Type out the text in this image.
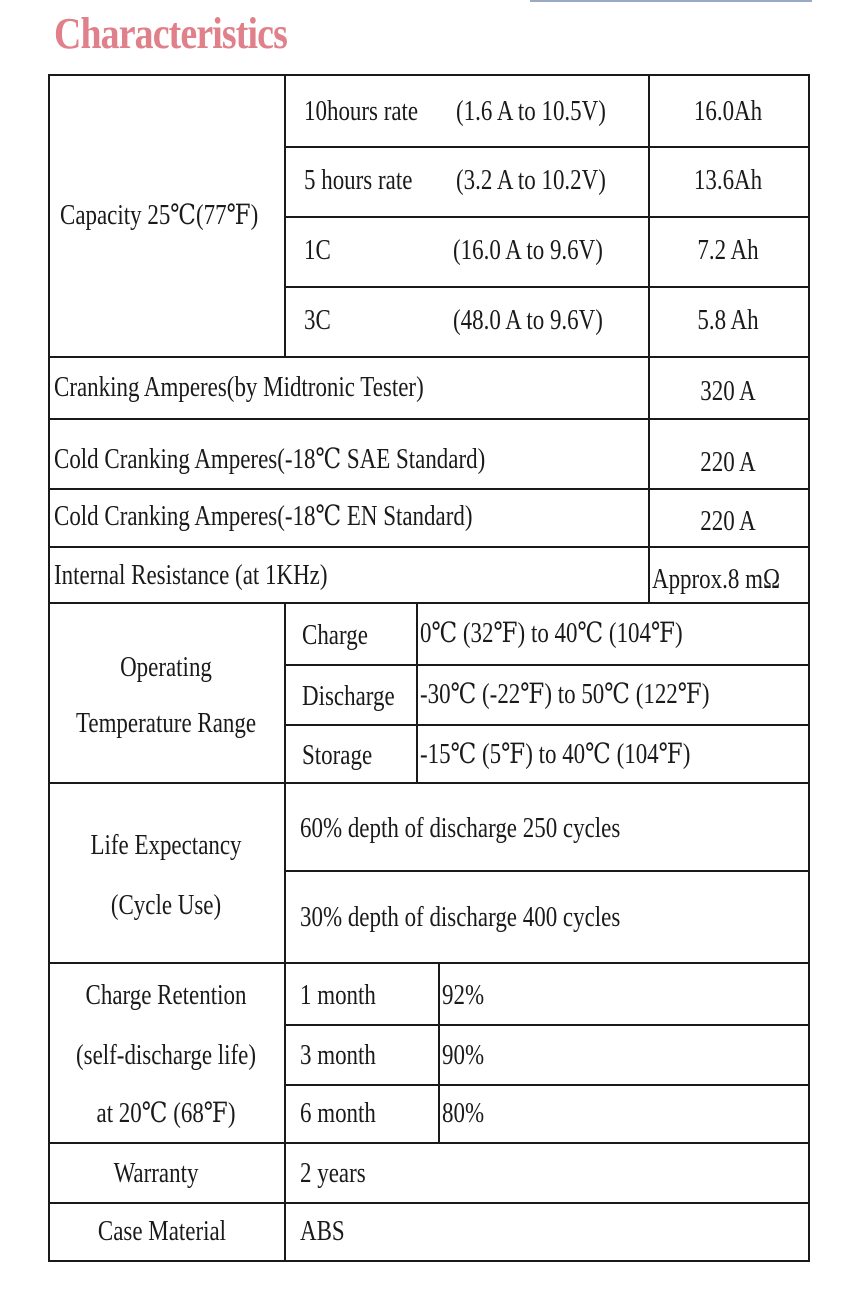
Characteristics
Capacity 25℃(77℉)
10hours rate (1.6 A to 10.5V)	16.0Ah
5 hours rate (3.2 A to 10.2V)	13.6Ah
1C	(16.0 A to 9.6V)	7.2 Ah
3C	(48.0 A to 9.6V)	5.8 Ah
Cranking Amperes(by Midtronic Tester)	320 A
Cold Cranking Amperes(-18℃ SAE Standard)	220 A
Cold Cranking Amperes(-18℃ EN Standard)	220 A
Internal Resistance (at 1KHz)	Approx.8 mΩ
Operating
Temperature Range
Charge 0℃ (32℉) to 40℃ (104℉)
Discharge -30℃ (-22℉) to 50℃ (122℉)
Storage -15℃ (5℉) to 40℃ (104℉)
Life Expectancy
(Cycle Use)
60% depth of discharge 250 cycles
30% depth of discharge 400 cycles
Charge Retention
(self-discharge life)
at 20℃ (68℉)
1 month 92%
3 month 90%
6 month 80%
Warranty	2 years
Case Material	ABS
